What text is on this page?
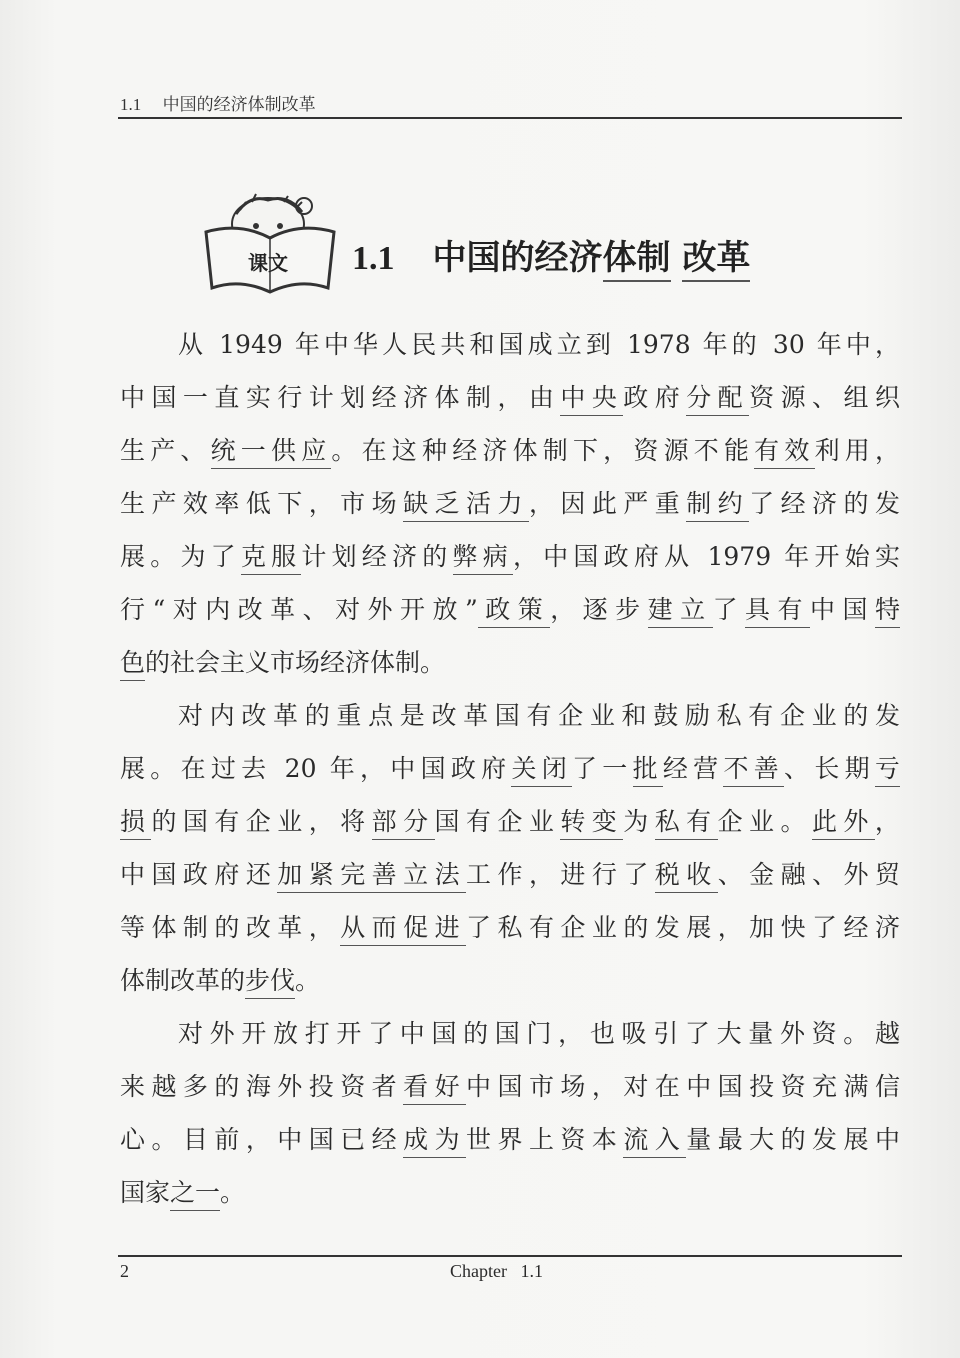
1.1 中国的经济体制改革
课文 1.1 中国的经济体制 改革
从 1949 年中华人民共和国成立到 1978 年的 30 年中，
中国一直实行计划经济体制，由中央政府分配资源、组织
生产、统一供应。在这种经济体制下，资源不能有效利用，
生产效率低下，市场缺乏活力，因此严重制约了经济的发
展。为了克服计划经济的弊病，中国政府从 1979 年开始实
行“对内改革、对外开放”政策，逐步建立了具有中国特
色的社会主义市场经济体制。
对内改革的重点是改革国有企业和鼓励私有企业的发
展。在过去 20 年，中国政府关闭了一批经营不善、长期亏
损的国有企业，将部分国有企业转变为私有企业。此外，
中国政府还加紧完善立法工作，进行了税收、金融、外贸
等体制的改革，从而促进了私有企业的发展，加快了经济
体制改革的步伐。
对外开放打开了中国的国门，也吸引了大量外资。越
来越多的海外投资者看好中国市场，对在中国投资充满信
心。目前，中国已经成为世界上资本流入量最大的发展中
国家之一。
2	Chapter 1.1
